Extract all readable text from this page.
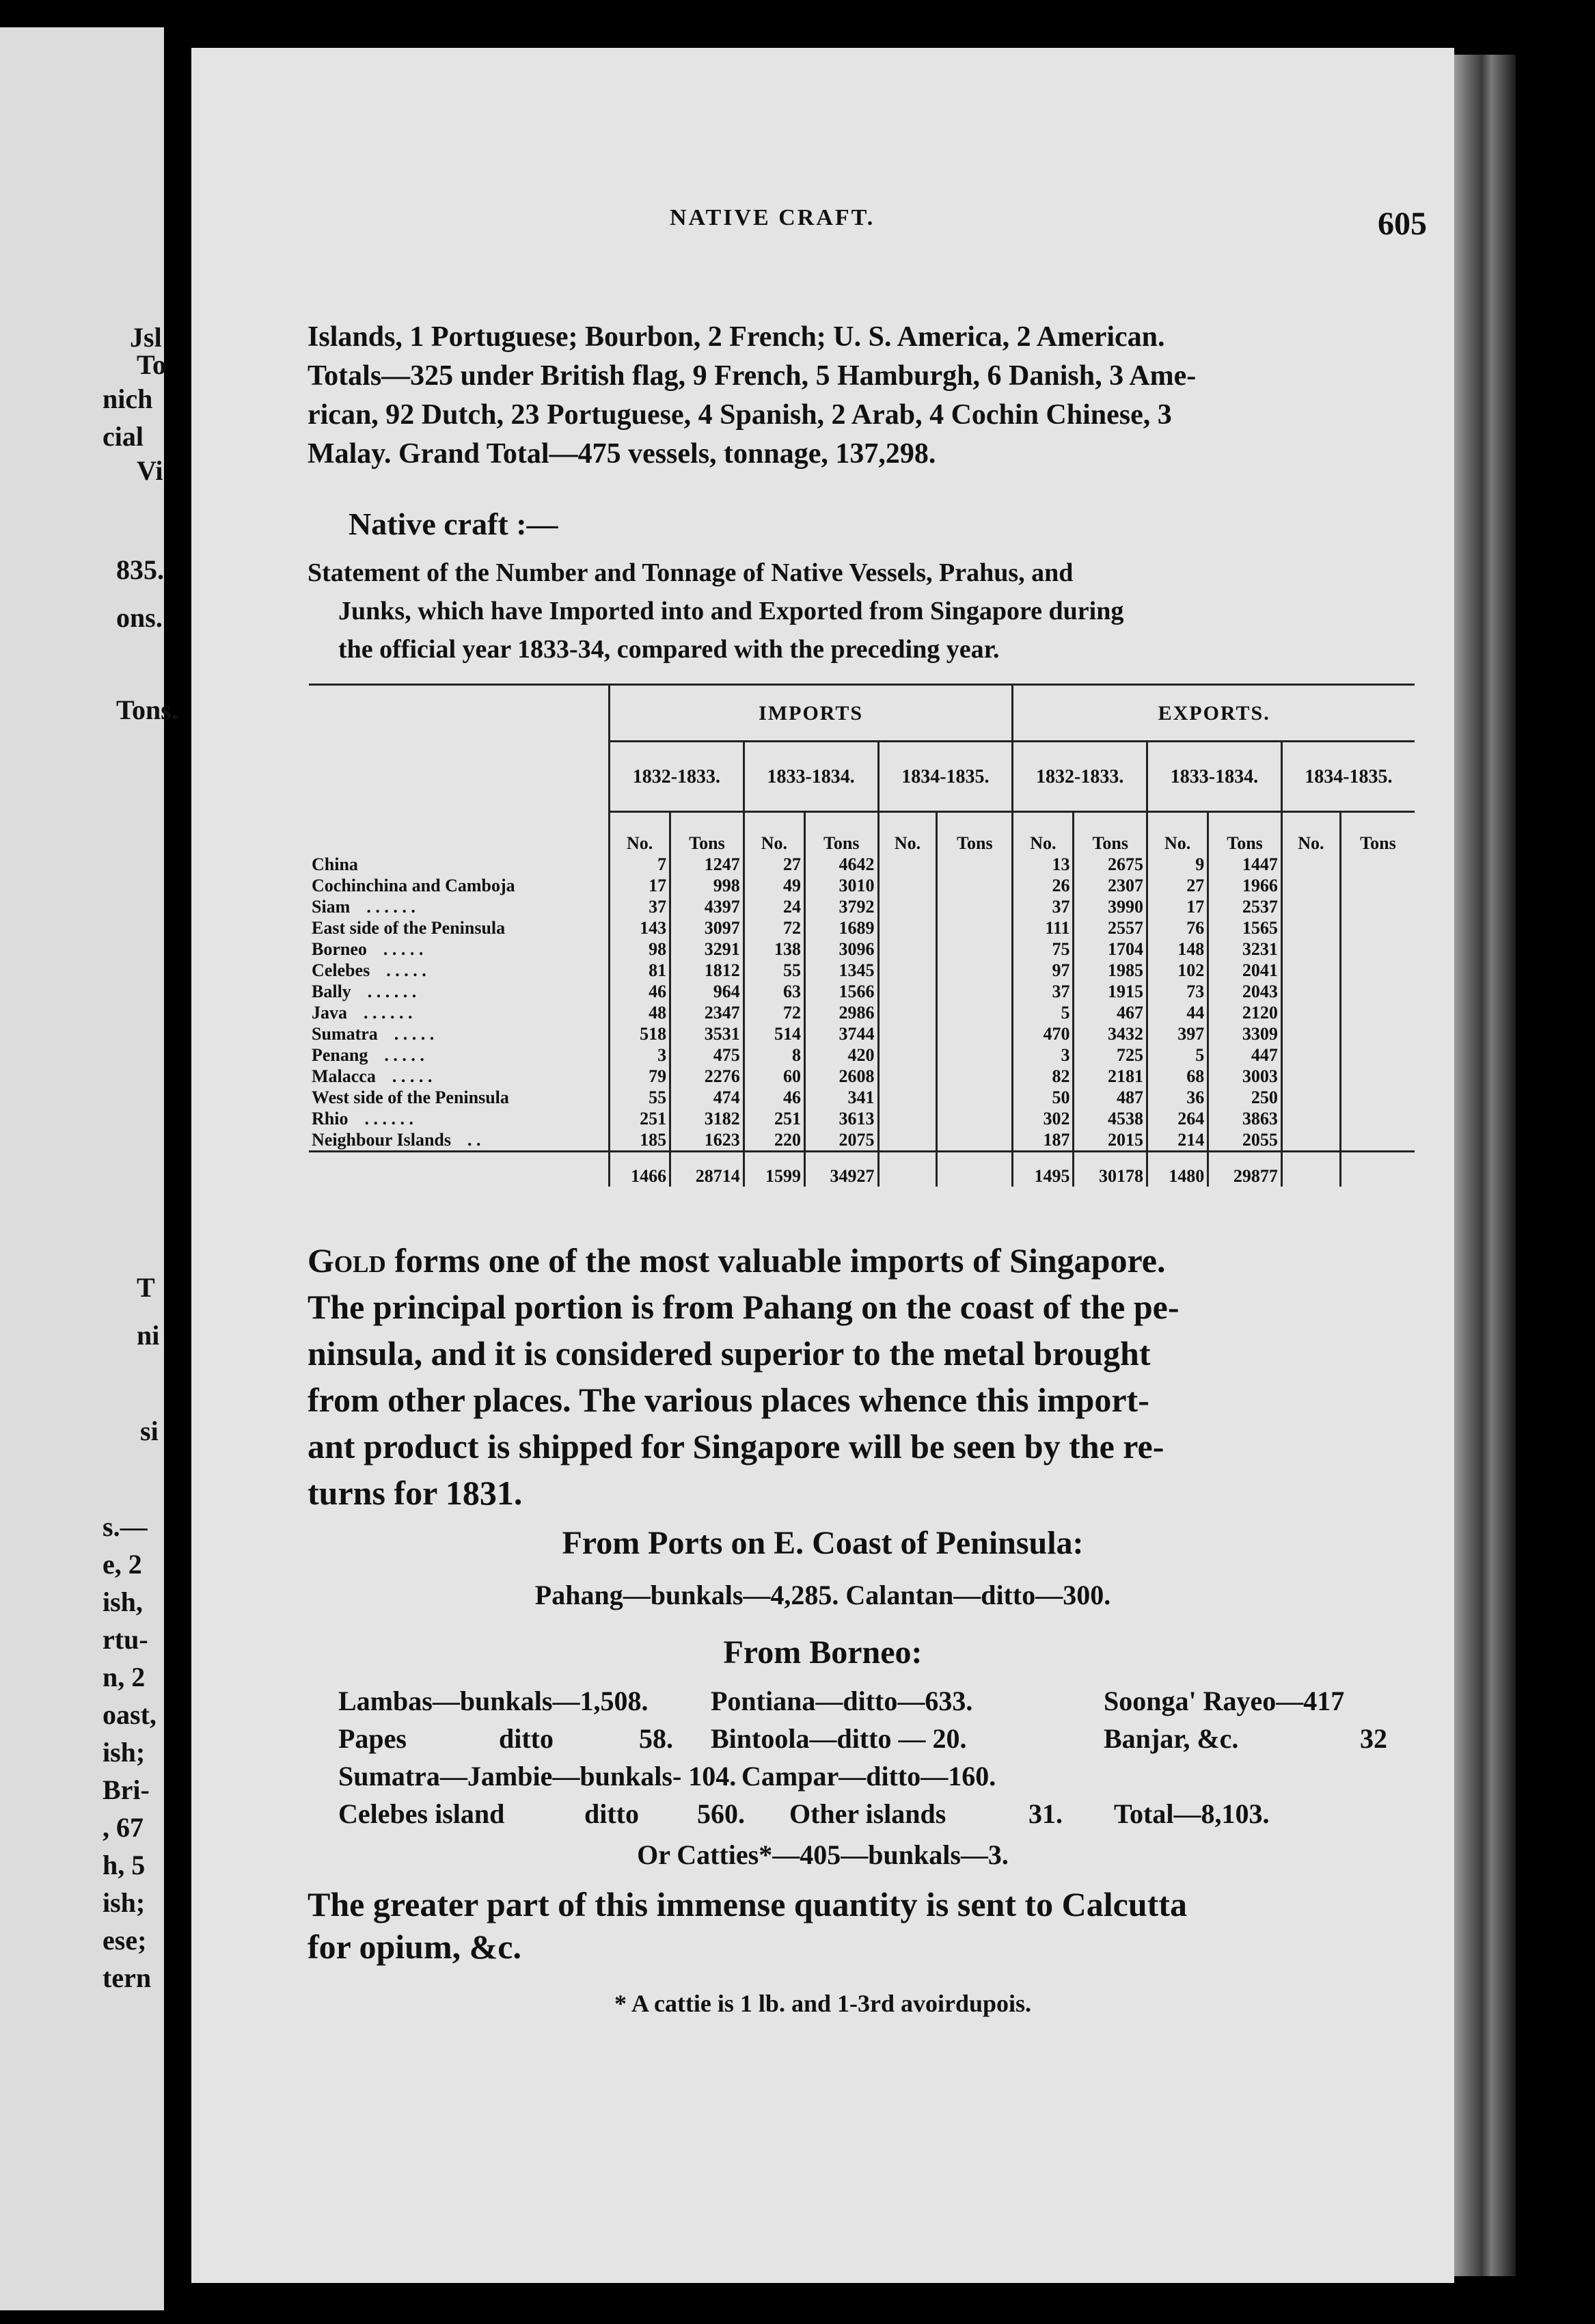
Jsl
To
nich
cial
Vi
835.
ons.
Tons.
T
ni
si
s.—
e, 2
ish,
rtu-
n, 2
oast,
ish;
Bri-
, 67
h, 5
ish;
ese;
tern
NATIVE CRAFT.	605

Islands, 1 Portuguese; Bourbon, 2 French; U. S. America, 2 American.

Totals—325 under British flag, 9 French, 5 Hamburgh, 6 Danish, 3 Ame-

rican, 92 Dutch, 23 Portuguese, 4 Spanish, 2 Arab, 4 Cochin Chinese, 3

Malay. Grand Total—475 vessels, tonnage, 137,298.

Native craft :—
Statement of the Number and Tonnage of Native Vessels, Prahus, and
Junks, which have Imported into and Exported from Singapore during
the official year 1833-34, compared with the preceding year.
	IMPORTS						EXPORTS.					
	1832-1833.		1833-1834.		1834-1835.		1832-1833.		1833-1834.		1834-1835.	
	No.	Tons	No.	Tons	No.	Tons	No.	Tons	No.	Tons	No.	Tons
China	7	1247	27	4642			13	2675	9	1447		
Cochinchina and Camboja	17	998	49	3010			26	2307	27	1966		
Siam . . . . . .	37	4397	24	3792			37	3990	17	2537		
East side of the Peninsula	143	3097	72	1689			111	2557	76	1565		
Borneo . . . . .	98	3291	138	3096			75	1704	148	3231		
Celebes . . . . .	81	1812	55	1345			97	1985	102	2041		
Bally . . . . . .	46	964	63	1566			37	1915	73	2043		
Java . . . . . .	48	2347	72	2986			5	467	44	2120		
Sumatra . . . . .	518	3531	514	3744			470	3432	397	3309		
Penang . . . . .	3	475	8	420			3	725	5	447		
Malacca . . . . .	79	2276	60	2608			82	2181	68	3003		
West side of the Peninsula	55	474	46	341			50	487	36	250		
Rhio . . . . . .	251	3182	251	3613			302	4538	264	3863		
Neighbour Islands . .	185	1623	220	2075			187	2015	214	2055		
	1466	28714	1599	34927			1495	30178	1480	29877		

Gold forms one of the most valuable imports of Singapore.

The principal portion is from Pahang on the coast of the pe-

ninsula, and it is considered superior to the metal brought

from other places. The various places whence this import-

ant product is shipped for Singapore will be seen by the re-

turns for 1831.

From Ports on E. Coast of Peninsula:
Pahang—bunkals—4,285. Calantan—ditto—300.
From Borneo:
Lambas—bunkals—1,508. Pontiana—ditto—633.	Soonga' Rayeo—417
Papes	ditto	58. Bintoola—ditto — 20.	Banjar, &c.	32
Sumatra—Jambie—bunkals- 104. Campar—ditto—160.
Celebes island	ditto 560. Other islands	31. Total—8,103.
Or Catties*—405—bunkals—3.

The greater part of this immense quantity is sent to Calcutta

for opium, &c.

* A cattie is 1 lb. and 1-3rd avoirdupois.
